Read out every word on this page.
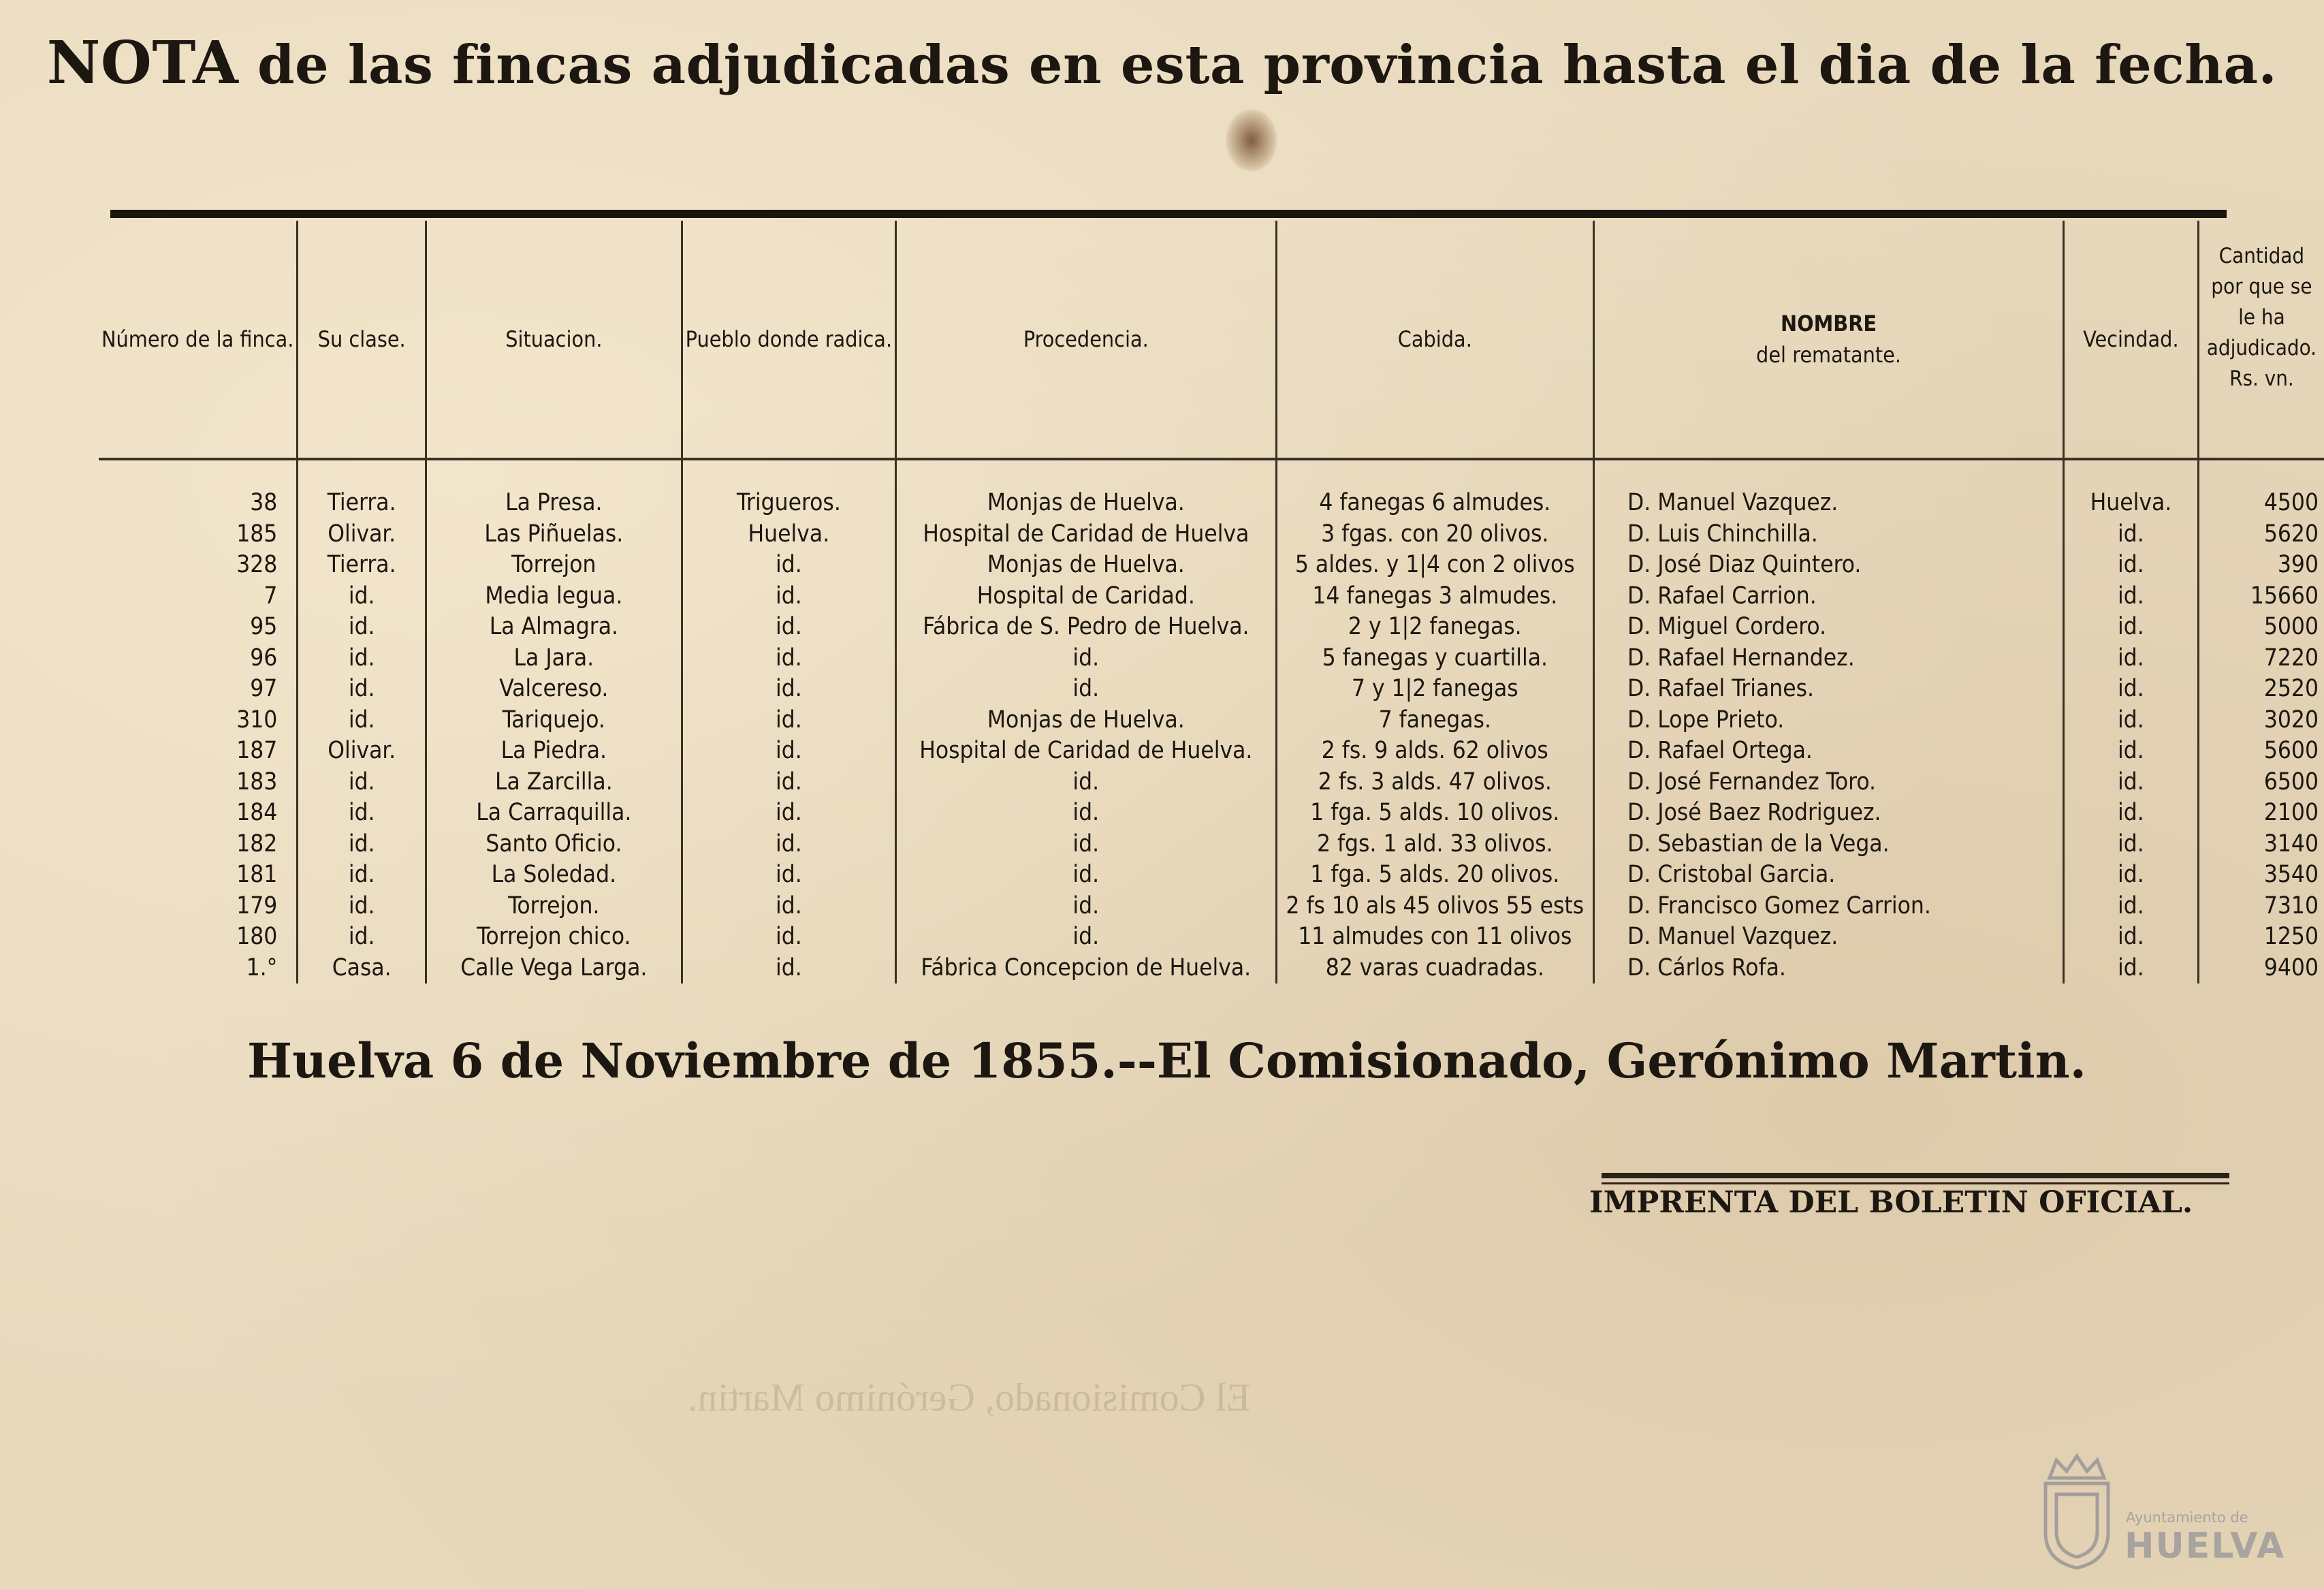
NOTA de las fincas adjudicadas en esta provincia hasta el dia de la fecha.
Número de la finca.	Su clase.	Situacion.	Pueblo donde radica.	Procedencia.	Cabida.	NOMBRE
del rematante.	Vecindad.	Cantidad por que se le ha adjudicado. Rs. vn.

38	Tierra.	La Presa.	Trigueros.	Monjas de Huelva.	4 fanegas 6 almudes.	D. Manuel Vazquez.	Huelva.	4500
185	Olivar.	Las Piñuelas.	Huelva.	Hospital de Caridad de Huelva	3 fgas. con 20 olivos.	D. Luis Chinchilla.	id.	5620
328	Tierra.	Torrejon	id.	Monjas de Huelva.	5 aldes. y 1|4 con 2 olivos	D. José Diaz Quintero.	id.	390
7	id.	Media legua.	id.	Hospital de Caridad.	14 fanegas 3 almudes.	D. Rafael Carrion.	id.	15660
95	id.	La Almagra.	id.	Fábrica de S. Pedro de Huelva.	2 y 1|2 fanegas.	D. Miguel Cordero.	id.	5000
96	id.	La Jara.	id.	id.	5 fanegas y cuartilla.	D. Rafael Hernandez.	id.	7220
97	id.	Valcereso.	id.	id.	7 y 1|2 fanegas	D. Rafael Trianes.	id.	2520
310	id.	Tariquejo.	id.	Monjas de Huelva.	7 fanegas.	D. Lope Prieto.	id.	3020
187	Olivar.	La Piedra.	id.	Hospital de Caridad de Huelva.	2 fs. 9 alds. 62 olivos	D. Rafael Ortega.	id.	5600
183	id.	La Zarcilla.	id.	id.	2 fs. 3 alds. 47 olivos.	D. José Fernandez Toro.	id.	6500
184	id.	La Carraquilla.	id.	id.	1 fga. 5 alds. 10 olivos.	D. José Baez Rodriguez.	id.	2100
182	id.	Santo Oficio.	id.	id.	2 fgs. 1 ald. 33 olivos.	D. Sebastian de la Vega.	id.	3140
181	id.	La Soledad.	id.	id.	1 fga. 5 alds. 20 olivos.	D. Cristobal Garcia.	id.	3540
179	id.	Torrejon.	id.	id.	2 fs 10 als 45 olivos 55 ests	D. Francisco Gomez Carrion.	id.	7310
180	id.	Torrejon chico.	id.	id.	11 almudes con 11 olivos	D. Manuel Vazquez.	id.	1250
1.°	Casa.	Calle Vega Larga.	id.	Fábrica Concepcion de Huelva.	82 varas cuadradas.	D. Cárlos Rofa.	id.	9400
Huelva 6 de Noviembre de 1855.--El Comisionado, Gerónimo Martin.
IMPRENTA DEL BOLETIN OFICIAL.
El Comisionado, Gerónimo Martin.
Ayuntamiento de
HUELVA
